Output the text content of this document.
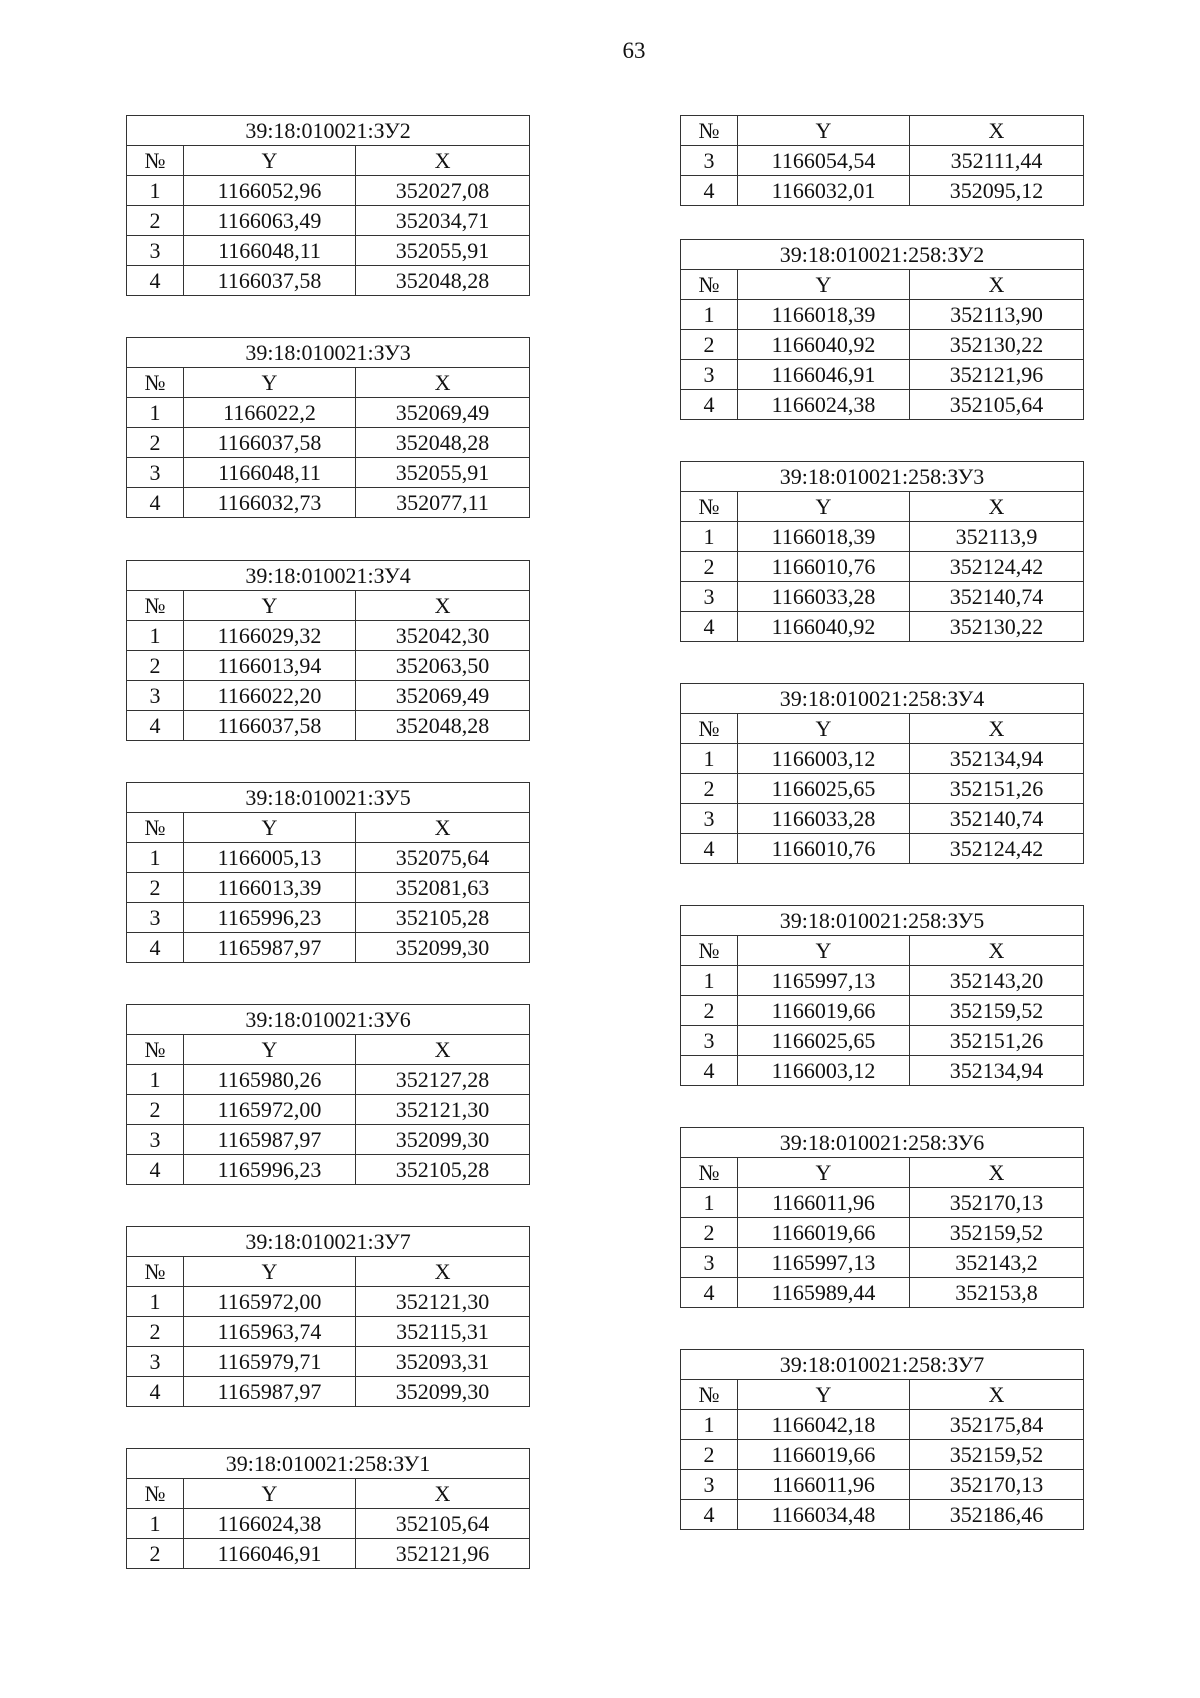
63
39:18:010021:ЗУ2		
№	Y	X
1	1166052,96	352027,08
2	1166063,49	352034,71
3	1166048,11	352055,91
4	1166037,58	352048,28
39:18:010021:ЗУ3		
№	Y	X
1	1166022,2	352069,49
2	1166037,58	352048,28
3	1166048,11	352055,91
4	1166032,73	352077,11
39:18:010021:ЗУ4		
№	Y	X
1	1166029,32	352042,30
2	1166013,94	352063,50
3	1166022,20	352069,49
4	1166037,58	352048,28
39:18:010021:ЗУ5		
№	Y	X
1	1166005,13	352075,64
2	1166013,39	352081,63
3	1165996,23	352105,28
4	1165987,97	352099,30
39:18:010021:ЗУ6		
№	Y	X
1	1165980,26	352127,28
2	1165972,00	352121,30
3	1165987,97	352099,30
4	1165996,23	352105,28
39:18:010021:ЗУ7		
№	Y	X
1	1165972,00	352121,30
2	1165963,74	352115,31
3	1165979,71	352093,31
4	1165987,97	352099,30
39:18:010021:258:ЗУ1		
№	Y	X
1	1166024,38	352105,64
2	1166046,91	352121,96
№	Y	X
3	1166054,54	352111,44
4	1166032,01	352095,12
39:18:010021:258:ЗУ2		
№	Y	X
1	1166018,39	352113,90
2	1166040,92	352130,22
3	1166046,91	352121,96
4	1166024,38	352105,64
39:18:010021:258:ЗУ3		
№	Y	X
1	1166018,39	352113,9
2	1166010,76	352124,42
3	1166033,28	352140,74
4	1166040,92	352130,22
39:18:010021:258:ЗУ4		
№	Y	X
1	1166003,12	352134,94
2	1166025,65	352151,26
3	1166033,28	352140,74
4	1166010,76	352124,42
39:18:010021:258:ЗУ5		
№	Y	X
1	1165997,13	352143,20
2	1166019,66	352159,52
3	1166025,65	352151,26
4	1166003,12	352134,94
39:18:010021:258:ЗУ6		
№	Y	X
1	1166011,96	352170,13
2	1166019,66	352159,52
3	1165997,13	352143,2
4	1165989,44	352153,8
39:18:010021:258:ЗУ7		
№	Y	X
1	1166042,18	352175,84
2	1166019,66	352159,52
3	1166011,96	352170,13
4	1166034,48	352186,46
